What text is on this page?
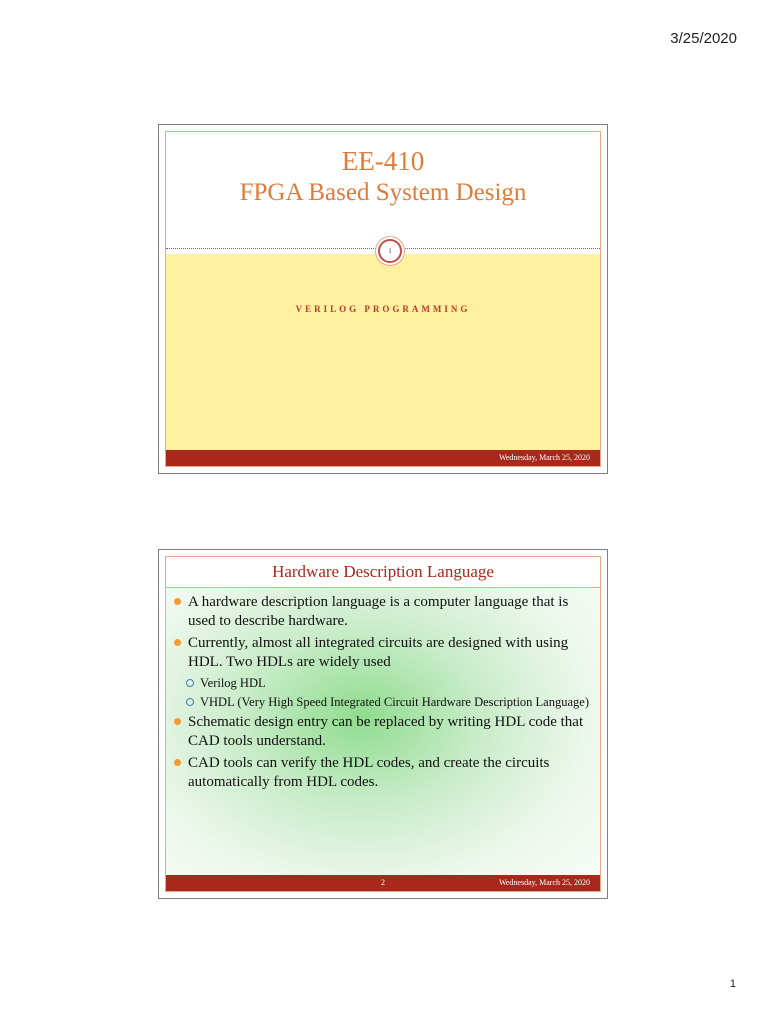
3/25/2020
EE-410
FPGA Based System Design
1
VERILOG PROGRAMMING
Wednesday, March 25, 2020
Hardware Description Language
A hardware description language is a computer language that is used to describe hardware.
Currently, almost all integrated circuits are designed with using HDL. Two HDLs are widely used
Verilog HDL
VHDL (Very High Speed Integrated Circuit Hardware Description Language)
Schematic design entry can be replaced by writing HDL code that CAD tools understand.
CAD tools can verify the HDL codes, and create the circuits automatically from HDL codes.
2	Wednesday, March 25, 2020
1
